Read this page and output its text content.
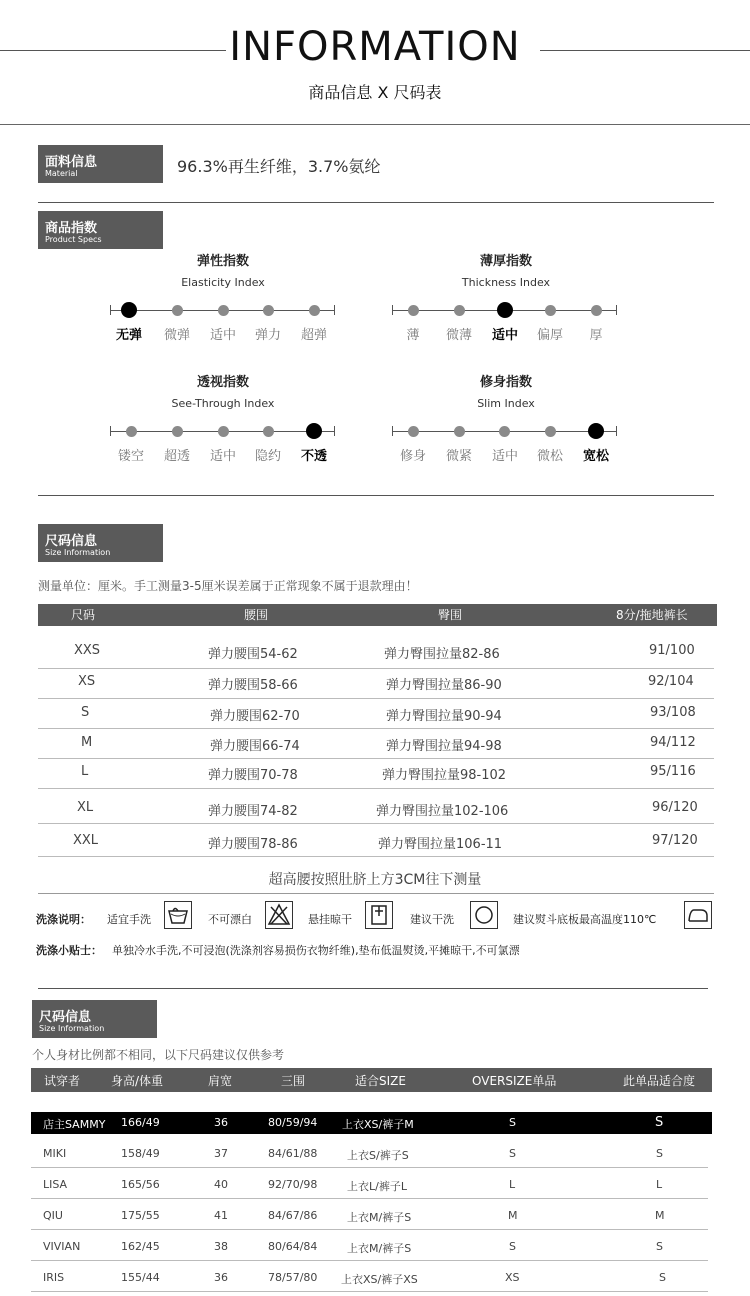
INFORMATION
商品信息 X 尺码表
面料信息
Material	96.3%再生纤维，3.7%氨纶
商品指数
Product Specs
弹性指数
Elasticity Index
无弹	微弹	适中	弹力	超弹
薄厚指数
Thickness Index
薄	微薄	适中	偏厚	厚
透视指数
See-Through Index
镂空	超透	适中	隐约	不透
修身指数
Slim Index
修身	微紧	适中	微松	宽松
尺码信息
Size Information
测量单位：厘米。手工测量3-5厘米误差属于正常现象不属于退款理由！
尺码	腰围	臀围	8分/拖地裤长
XXS	弹力腰围54-62	弹力臀围拉量82-86	91/100
XS	弹力腰围58-66	弹力臀围拉量86-90	92/104
S	弹力腰围62-70	弹力臀围拉量90-94	93/108
M	弹力腰围66-74	弹力臀围拉量94-98	94/112
L	弹力腰围70-78	弹力臀围拉量98-102	95/116
XL	弹力腰围74-82	弹力臀围拉量102-106	96/120
XXL	弹力腰围78-86	弹力臀围拉量106-11	97/120
超高腰按照肚脐上方3CM往下测量
洗涤说明： 适宜手洗	不可漂白	悬挂晾干	建议干洗	建议熨斗底板最高温度110℃
洗涤小贴士： 单独冷水手洗,不可浸泡(洗涤剂容易损伤衣物纤维),垫布低温熨烫,平摊晾干,不可氯漂
尺码信息
Size Information
个人身材比例都不相同，以下尺码建议仅供参考
试穿者	身高/体重	肩宽	三围	适合SIZE	OVERSIZE单品	此单品适合度
店主SAMMY 166/49	36	80/59/94 上衣XS/裤子M	S	S
MIKI	158/49	37	84/61/88	上衣S/裤子S	S	S
LISA	165/56	40	92/70/98	上衣L/裤子L	L	L
QIU	175/55	41	84/67/86	上衣M/裤子S	M	M
VIVIAN	162/45	38	80/64/84	上衣M/裤子S	S	S
IRIS	155/44	36	78/57/80 上衣XS/裤子XS	XS	S
